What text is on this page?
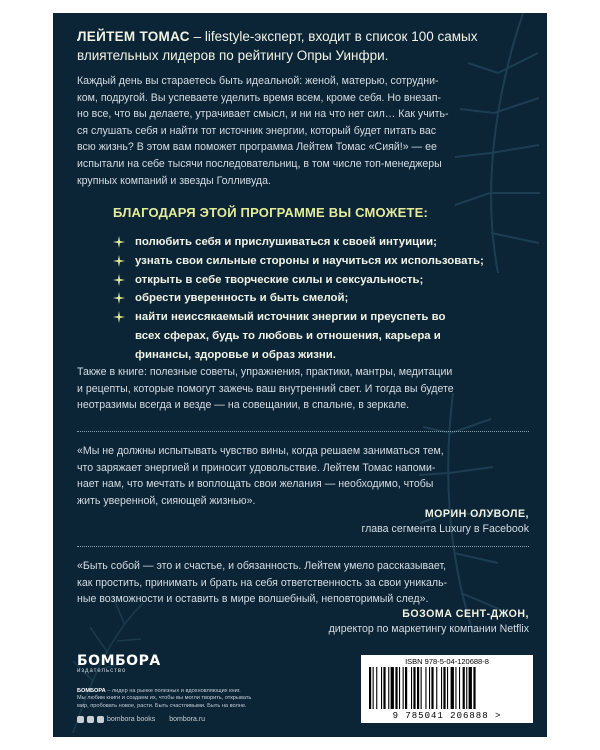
ЛЕЙТЕМ ТОМАС – lifestyle-эксперт, входит в список 100 самых
влиятельных лидеров по рейтингу Опры Уинфри.
Каждый день вы стараетесь быть идеальной: женой, матерью, сотрудни-
ком, подругой. Вы успеваете уделить время всем, кроме себя. Но внезап-
но все, что вы делаете, утрачивает смысл, и ни на что нет сил… Как учить-
ся слушать себя и найти тот источник энергии, который будет питать вас
всю жизнь? В этом вам поможет программа Лейтем Томас «Сияй!» — ее
испытали на себе тысячи последовательниц, в том числе топ-менеджеры
крупных компаний и звезды Голливуда.
БЛАГОДАРЯ ЭТОЙ ПРОГРАММЕ ВЫ СМОЖЕТЕ:
полюбить себя и прислушиваться к своей интуиции;
узнать свои сильные стороны и научиться их использовать;
открыть в себе творческие силы и сексуальность;
обрести уверенность и быть смелой;
найти неиссякаемый источник энергии и преуспеть во
всех сферах, будь то любовь и отношения, карьера и
финансы, здоровье и образ жизни.
Также в книге: полезные советы, упражнения, практики, мантры, медитации
и рецепты, которые помогут зажечь ваш внутренний свет. И тогда вы будете
неотразимы всегда и везде — на совещании, в спальне, в зеркале.
«Мы не должны испытывать чувство вины, когда решаем заниматься тем,
что заряжает энергией и приносит удовольствие. Лейтем Томас напоми-
нает нам, что мечтать и воплощать свои желания — необходимо, чтобы
жить уверенной, сияющей жизнью».
МОРИН ОЛУВОЛЕ,
глава сегмента Luxury в Facebook
«Быть собой — это и счастье, и обязанность. Лейтем умело рассказывает,
как простить, принимать и брать на себя ответственность за свои уникаль-
ные возможности и оставить в мире волшебный, неповторимый след».
БОЗОМА СЕНТ-ДЖОН,
директор по маркетингу компании Netflix
БОМБОРА
издательство
БОМБОРА – лидер на рынке полезных и вдохновляющих книг.
Мы любим книги и создаем их, чтобы вы могли творить, открывать
мир, пробовать новое, расти. Быть счастливыми. Быть на волне.
bombora books bombora.ru
ISBN 978-5-04-120688-8
9 785041 206888 >
